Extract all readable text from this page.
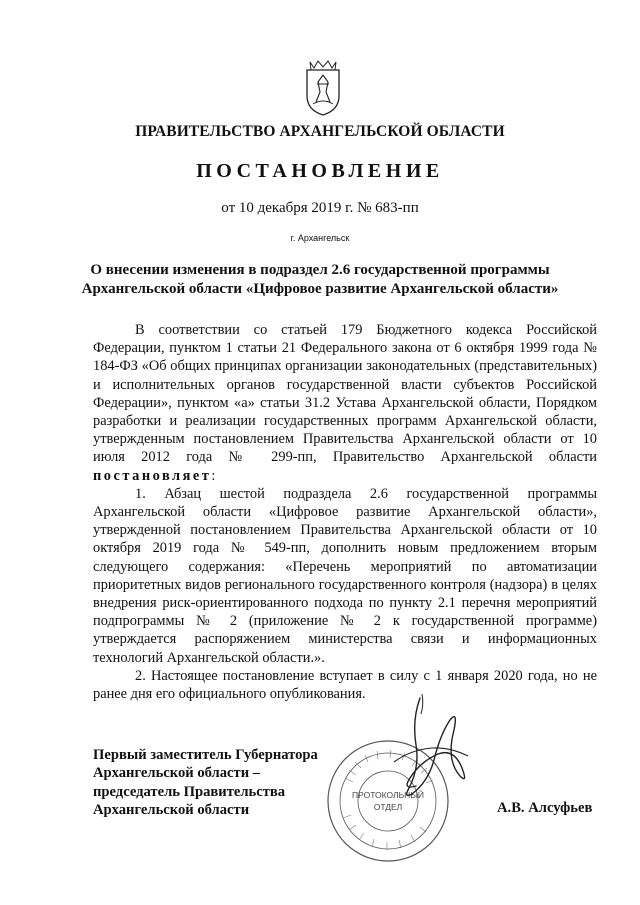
ПРАВИТЕЛЬСТВО АРХАНГЕЛЬСКОЙ ОБЛАСТИ
ПОСТАНОВЛЕНИЕ
от 10 декабря 2019 г. № 683-пп
г. Архангельск
О внесении изменения в подраздел 2.6 государственной программы
Архангельской области «Цифровое развитие Архангельской области»

В соответствии со статьей 179 Бюджетного кодекса Российской Федерации, пунктом 1 статьи 21 Федерального закона от 6 октября 1999 года № 184-ФЗ «Об общих принципах организации законодательных (представительных) и исполнительных органов государственной власти субъектов Российской Федерации», пунктом «а» статьи 31.2 Устава Архангельской области, Порядком разработки и реализации государственных программ Архангельской области, утвержденным постановлением Правительства Архангельской области от 10 июля 2012 года № 299-пп, Правительство Архангельской области постановляет:

1. Абзац шестой подраздела 2.6 государственной программы Архангельской области «Цифровое развитие Архангельской области», утвержденной постановлением Правительства Архангельской области от 10 октября 2019 года № 549-пп, дополнить новым предложением вторым следующего содержания: «Перечень мероприятий по автоматизации приоритетных видов регионального государственного контроля (надзора) в целях внедрения риск-ориентированного подхода по пункту 2.1 перечня мероприятий подпрограммы № 2 (приложение № 2 к государственной программе) утверждается распоряжением министерства связи и информационных технологий Архангельской области.».

2. Настоящее постановление вступает в силу с 1 января 2020 года, но не ранее дня его официального опубликования.

ПРОТОКОЛЬНЫЙ
ОТДЕЛ
Первый заместитель Губернатора
Архангельской области –
председатель Правительства
Архангельской области	А.В. Алсуфьев
